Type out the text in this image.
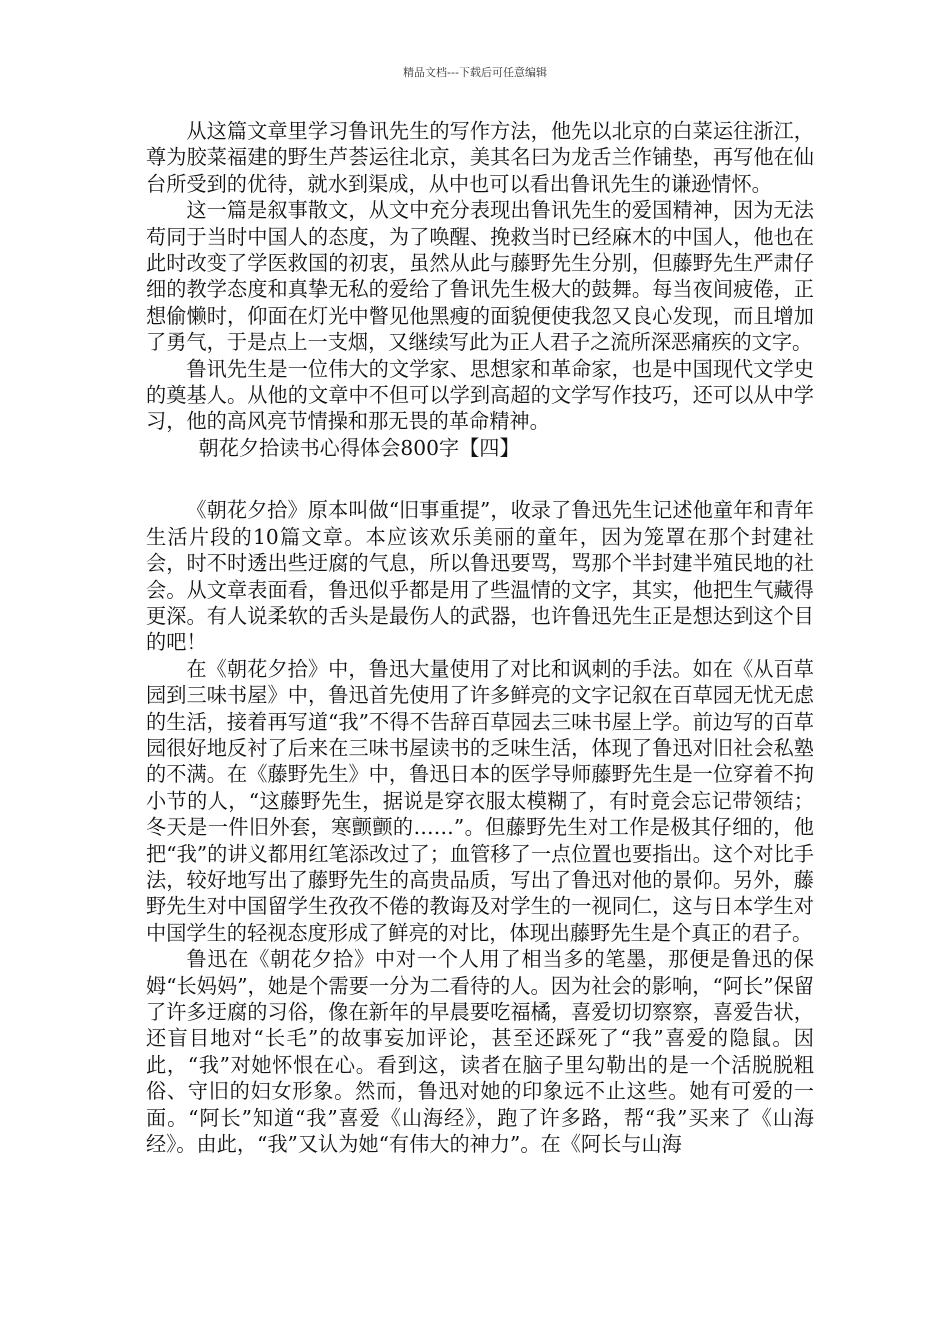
精品文档---下载后可任意编辑

从这篇文章里学习鲁讯先生的写作方法，他先以北京的白菜运往浙江，尊为胶菜福建的野生芦荟运往北京，美其名曰为龙舌兰作铺垫，再写他在仙台所受到的优待，就水到渠成，从中也可以看出鲁讯先生的谦逊情怀。

这一篇是叙事散文，从文中充分表现出鲁讯先生的爱国精神，因为无法苟同于当时中国人的态度，为了唤醒、挽救当时已经麻木的中国人，他也在此时改变了学医救国的初衷，虽然从此与藤野先生分别，但藤野先生严肃仔细的教学态度和真挚无私的爱给了鲁讯先生极大的鼓舞。每当夜间疲倦，正想偷懒时，仰面在灯光中瞥见他黑瘦的面貌便使我忽又良心发现，而且增加了勇气，于是点上一支烟，又继续写此为正人君子之流所深恶痛疾的文字。

鲁讯先生是一位伟大的文学家、思想家和革命家，也是中国现代文学史的奠基人。从他的文章中不但可以学到高超的文学写作技巧，还可以从中学习，他的高风亮节情操和那无畏的革命精神。

朝花夕拾读书心得体会800字【四】

《朝花夕拾》原本叫做“旧事重提”，收录了鲁迅先生记述他童年和青年生活片段的10篇文章。本应该欢乐美丽的童年，因为笼罩在那个封建社会，时不时透出些迂腐的气息，所以鲁迅要骂，骂那个半封建半殖民地的社会。从文章表面看，鲁迅似乎都是用了些温情的文字，其实，他把生气藏得更深。有人说柔软的舌头是最伤人的武器，也许鲁迅先生正是想达到这个目的吧！

在《朝花夕拾》中，鲁迅大量使用了对比和讽刺的手法。如在《从百草园到三味书屋》中，鲁迅首先使用了许多鲜亮的文字记叙在百草园无忧无虑的生活，接着再写道“我”不得不告辞百草园去三味书屋上学。前边写的百草园很好地反衬了后来在三味书屋读书的乏味生活，体现了鲁迅对旧社会私塾的不满。在《藤野先生》中，鲁迅日本的医学导师藤野先生是一位穿着不拘小节的人，“这藤野先生，据说是穿衣服太模糊了，有时竟会忘记带领结；冬天是一件旧外套，寒颤颤的……”。但藤野先生对工作是极其仔细的，他把“我”的讲义都用红笔添改过了；血管移了一点位置也要指出。这个对比手法，较好地写出了藤野先生的高贵品质，写出了鲁迅对他的景仰。另外，藤野先生对中国留学生孜孜不倦的教诲及对学生的一视同仁，这与日本学生对中国学生的轻视态度形成了鲜亮的对比，体现出藤野先生是个真正的君子。

鲁迅在《朝花夕拾》中对一个人用了相当多的笔墨，那便是鲁迅的保姆“长妈妈”，她是个需要一分为二看待的人。因为社会的影响，“阿长”保留了许多迂腐的习俗，像在新年的早晨要吃福橘，喜爱切切察察，喜爱告状，还盲目地对“长毛”的故事妄加评论，甚至还踩死了“我”喜爱的隐鼠。因此，“我”对她怀恨在心。看到这，读者在脑子里勾勒出的是一个活脱脱粗俗、守旧的妇女形象。然而，鲁迅对她的印象远不止这些。她有可爱的一面。“阿长”知道“我”喜爱《山海经》，跑了许多路，帮“我”买来了《山海经》。由此，“我”又认为她“有伟大的神力”。在《阿长与山海
